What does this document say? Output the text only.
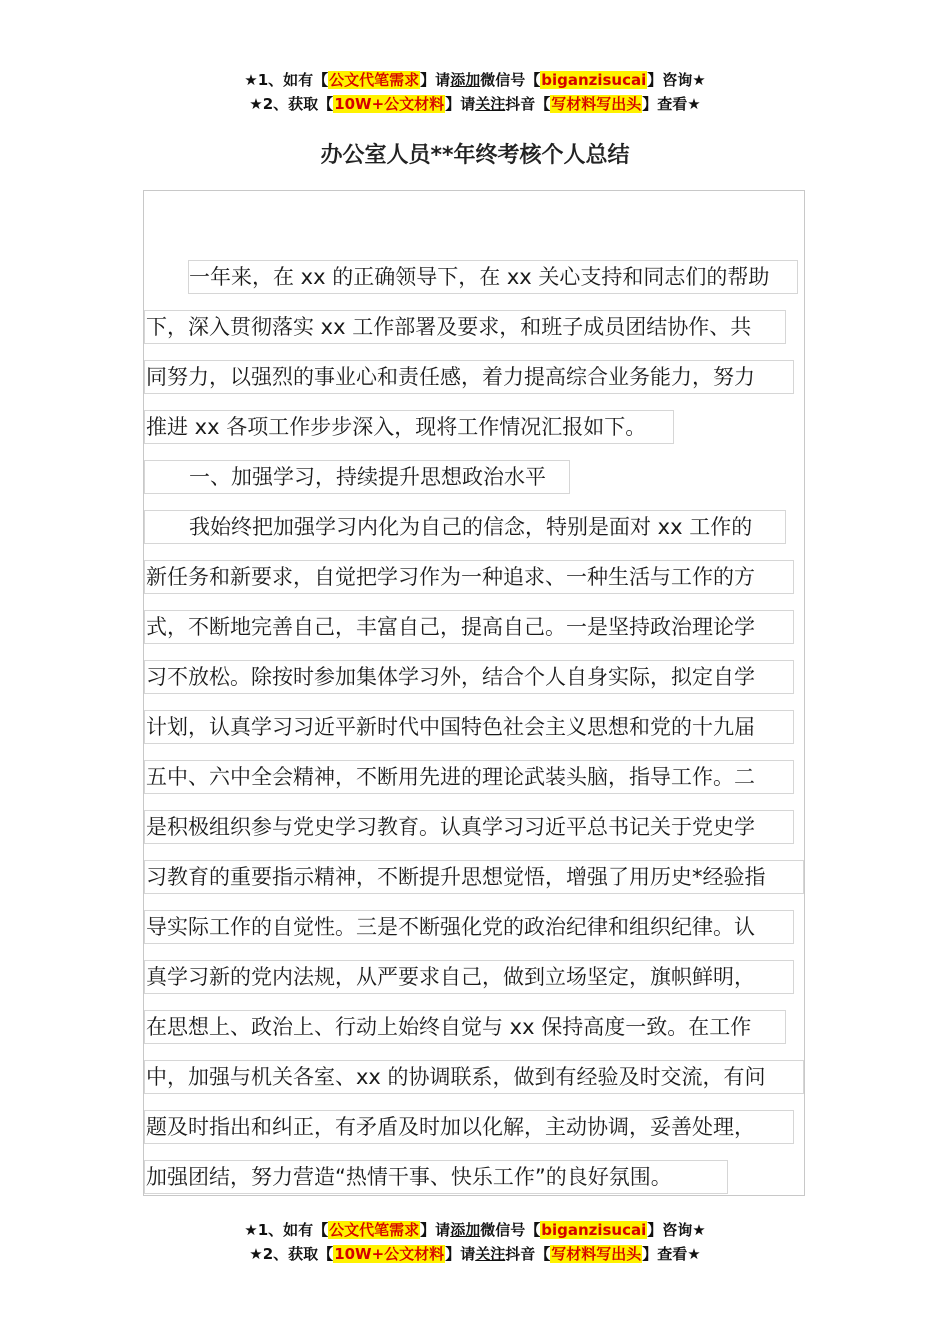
★1、如有【公文代笔需求】请添加微信号【biganzisucai】咨询★
★2、获取【10W+公文材料】请关注抖音【写材料写出头】查看★
办公室人员**年终考核个人总结
一年来，在 xx 的正确领导下，在 xx 关心支持和同志们的帮助
下，深入贯彻落实 xx 工作部署及要求，和班子成员团结协作、共
同努力，以强烈的事业心和责任感，着力提高综合业务能力，努力
推进 xx 各项工作步步深入，现将工作情况汇报如下。
一、加强学习，持续提升思想政治水平
我始终把加强学习内化为自己的信念，特别是面对 xx 工作的
新任务和新要求，自觉把学习作为一种追求、一种生活与工作的方
式，不断地完善自己，丰富自己，提高自己。一是坚持政治理论学
习不放松。除按时参加集体学习外，结合个人自身实际，拟定自学
计划，认真学习习近平新时代中国特色社会主义思想和党的十九届
五中、六中全会精神，不断用先进的理论武装头脑，指导工作。二
是积极组织参与党史学习教育。认真学习习近平总书记关于党史学
习教育的重要指示精神，不断提升思想觉悟，增强了用历史*经验指
导实际工作的自觉性。三是不断强化党的政治纪律和组织纪律。认
真学习新的党内法规，从严要求自己，做到立场坚定，旗帜鲜明，
在思想上、政治上、行动上始终自觉与 xx 保持高度一致。在工作
中，加强与机关各室、xx 的协调联系，做到有经验及时交流，有问
题及时指出和纠正，有矛盾及时加以化解，主动协调，妥善处理，
加强团结，努力营造“热情干事、快乐工作”的良好氛围。
★1、如有【公文代笔需求】请添加微信号【biganzisucai】咨询★
★2、获取【10W+公文材料】请关注抖音【写材料写出头】查看★
